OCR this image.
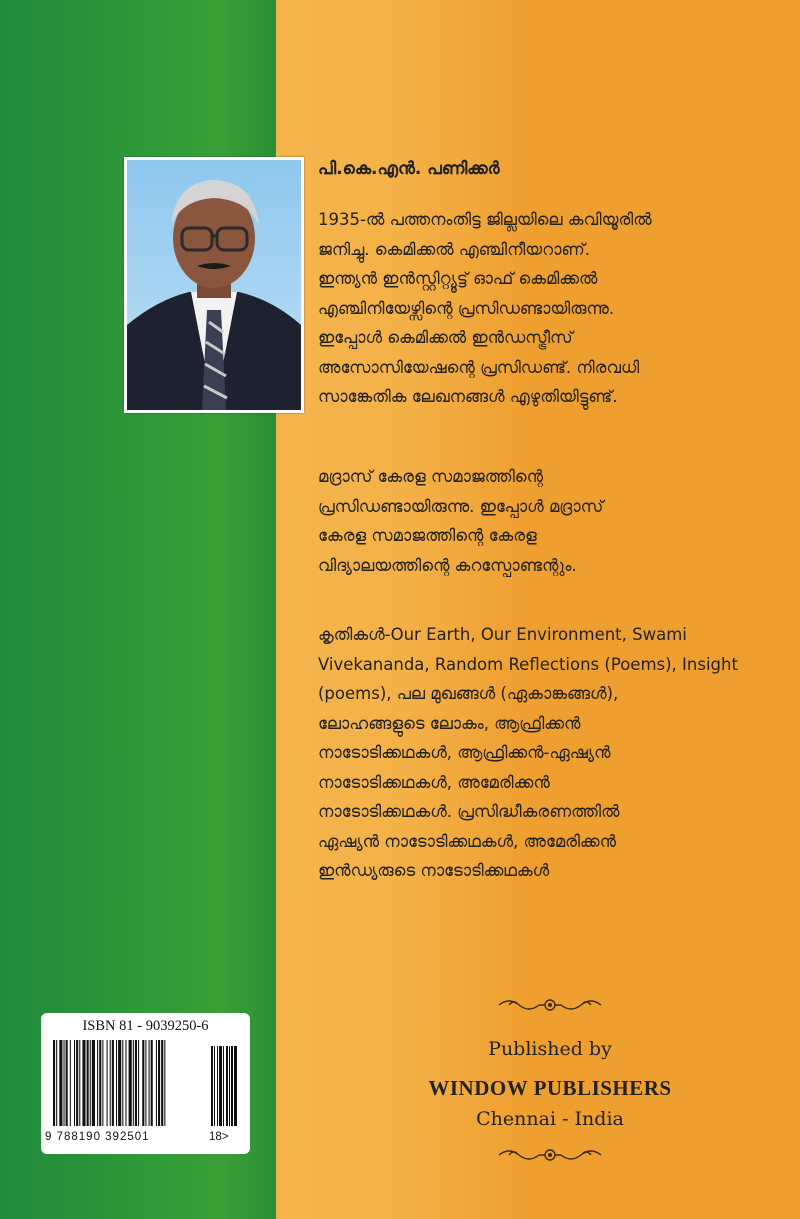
പി.കെ.എൻ. പണിക്കർ

1935-ൽ പത്തനംതിട്ട ജില്ലയിലെ കവിയൂരിൽ
ജനിച്ചു. കെമിക്കൽ എഞ്ചിനീയറാണ്.
ഇന്ത്യൻ ഇൻസ്റ്റിറ്റ്യൂട്ട് ഓഫ് കെമിക്കൽ
എഞ്ചിനിയേഴ്സിന്റെ പ്രസിഡണ്ടായിരുന്നു.
ഇപ്പോൾ കെമിക്കൽ ഇൻഡസ്ട്രീസ്
അസോസിയേഷന്റെ പ്രസിഡണ്ട്. നിരവധി
സാങ്കേതിക ലേഖനങ്ങൾ എഴുതിയിട്ടുണ്ട്.

മദ്രാസ് കേരള സമാജത്തിന്റെ
പ്രസിഡണ്ടായിരുന്നു. ഇപ്പോൾ മദ്രാസ്
കേരള സമാജത്തിന്റെ കേരള
വിദ്യാലയത്തിന്റെ കറസ്പോണ്ടന്റും.

കൃതികൾ-Our Earth, Our Environment, Swami
Vivekananda, Random Reflections (Poems), Insight
(poems), പല മുഖങ്ങൾ (ഏകാങ്കങ്ങൾ),
ലോഹങ്ങളുടെ ലോകം, ആഫ്രിക്കൻ
നാടോടിക്കഥകൾ, ആഫ്രിക്കൻ-ഏഷ്യൻ
നാടോടിക്കഥകൾ, അമേരിക്കൻ
നാടോടിക്കഥകൾ. പ്രസിദ്ധീകരണത്തിൽ
ഏഷ്യൻ നാടോടിക്കഥകൾ, അമേരിക്കൻ
ഇൻഡ്യരുടെ നാടോടിക്കഥകൾ

Published by
WINDOW PUBLISHERS
Chennai - India
ISBN 81 - 9039250-6
9 788190 392501	18>
